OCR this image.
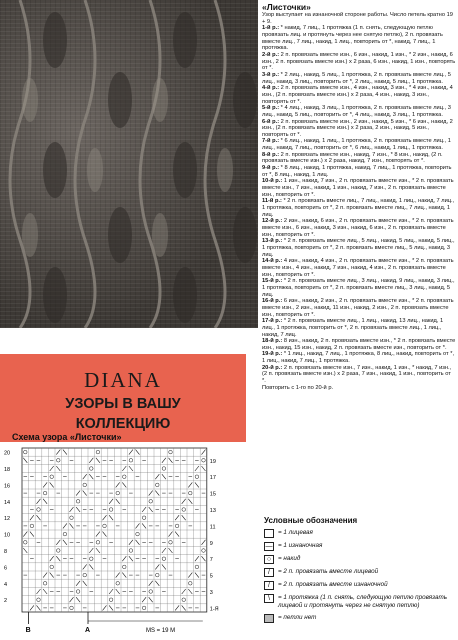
DIANA
УЗОРЫ В ВАШУ
КОЛЛЕКЦИЮ
Схема узора «Листочки»
20
18
16
14
12
10
8
6
4
2
19
17
15
13
11
9
7
5
3
1-Я
B	A	MS = 19 M
«Листочки»

Узор выступает на изнаночной стороне работы. Число петель кратно 19 + 9.

1-й р.: * накид, 7 лиц., 1 протяжка (1 п. снять, следующую петлю провязать лиц. и протянуть через нее снятую петлю), 2 п. провязать вместе лиц., 7 лиц., накид, 1 лиц., повторить от *, накид, 7 лиц., 1 протяжка.

2-й р.: 2 п. провязать вместе изн., 6 изн., накид, 1 изн., * 2 изн., накид, 6 изн., 2 п. провязать вместе изн.) х 2 раза, 6 изн., накид, 1 изн., повторять от *.

3-й р.: * 2 лиц., накид, 5 лиц., 1 протяжка, 2 п. провязать вместе лиц., 5 лиц., накид, 3 лиц., повторить от *, 2 лиц., накид, 5 лиц., 1 протяжка.

4-й р.: 2 п. провязать вместе изн., 4 изн., накид, 3 изн., * 4 изн., накид, 4 изн., (2 п. провязать вместе изн.) х 2 раза, 4 изн., накид, 3 изн., повторять от *.

5-й р.: * 4 лиц., накид, 3 лиц., 1 протяжка, 2 п. провязать вместе лиц., 3 лиц., накид, 5 лиц., повторить от *, 4 лиц., накид, 3 лиц., 1 протяжка.

6-й р.: 2 п. провязать вместе изн., 2 изн., накид, 5 изн., * 6 изн., накид, 2 изн., (2 п. провязать вместе изн.) х 2 раза, 2 изн., накид, 5 изн., повторять от *.

7-й р.: * 6 лиц., накид, 1 лиц., 1 протяжка, 2 п. провязать вместе лиц., 1 лиц., накид, 7 лиц., повторить от *, 6 лиц., накид, 1 лиц., 1 протяжка.

8-й р.: 2 п. провязать вместе изн., накид, 7 изн., * 8 изн., накид, (2 п. провязать вместе изн.) х 2 раза, накид, 7 изн., повторять от *.

9-й р.: * 8 лиц., накид, 1 протяжка, накид, 7 лиц., 1 протяжка, повторить от *, 8 лиц., накид, 1 лиц.

10-й р.: 1 изн., накид, 7 изн., 2 п. провязать вместе изн., * 2 п. провязать вместе изн., 7 изн., накид, 1 изн., накид, 7 изн., 2 п. провязать вместе изн., повторить от *.

11-й р.: * 2 п. провязать вместе лиц., 7 лиц., накид, 1 лиц., накид, 7 лиц., 1 протяжка, повторить от *, 2 п. провязать вместе лиц., 7 лиц., накид, 1 лиц.

12-й р.: 2 изн., накид, 6 изн., 2 п. провязать вместе изн., * 2 п. провязать вместе изн., 6 изн., накид, 3 изн., накид, 6 изн., 2 п. провязать вместе изн., повторить от *.

13-й р.: * 2 п. провязать вместе лиц., 5 лиц., накид, 5 лиц., накид, 5 лиц., 1 протяжка, повторить от *, 2 п. провязать вместе лиц., 5 лиц., накид, 3 лиц.

14-й р.: 4 изн., накид, 4 изн., 2 п. провязать вместе изн., * 2 п. провязать вместе изн., 4 изн., накид, 7 изн., накид, 4 изн., 2 п. провязать вместе изн., повторить от *.

15-й р.: * 2 п. провязать вместе лиц., 3 лиц., накид, 9 лиц., накид, 3 лиц., 1 протяжка, повторить от *, 2 п. провязать вместе лиц., 3 лиц., накид, 5 лиц.

16-й р.: 6 изн., накид, 2 изн., 2 п. провязать вместе изн., * 2 п. провязать вместе изн., 2 изн., накид, 11 изн., накид, 2 изн., 2 п. провязать вместе изн., повторить от *.

17-й р.: * 2 п. провязать вместе лиц., 1 лиц., накид, 13 лиц., накид, 1 лиц., 1 протяжка, повторить от *, 2 п. провязать вместе лиц., 1 лиц., накид, 7 лиц.

18-й р.: 8 изн., накид, 2 п. провязать вместе изн., * 2 п. провязать вместе изн., накид, 15 изн., накид, 2 п. провязать вместе изн., повторить от *.

19-й р.: * 1 лиц., накид, 7 лиц., 1 протяжка, 8 лиц., накид, повторить от *, 1 лиц., накид, 7 лиц., 1 протяжка.

20-й р.: 2 п. провязать вместе изн., 7 изн., накид, 1 изн., * накид, 7 изн., (2 п. провязать вместе изн.) х 2 раза, 7 изн., накид, 1 изн., повторить от *.

Повторить с 1-го по 20-й р.

Условные обозначения
= 1 лицевая
— = 1 изнаночная
○	= накид
/	= 2 п. провязать вместе лицевой
/	= 2 п. провязать вместе изнаночной
\	= 1 протяжка (1 п. снять, следующую петлю провязать лицевой и протянуть через не снятую петлю)
= петли нет
